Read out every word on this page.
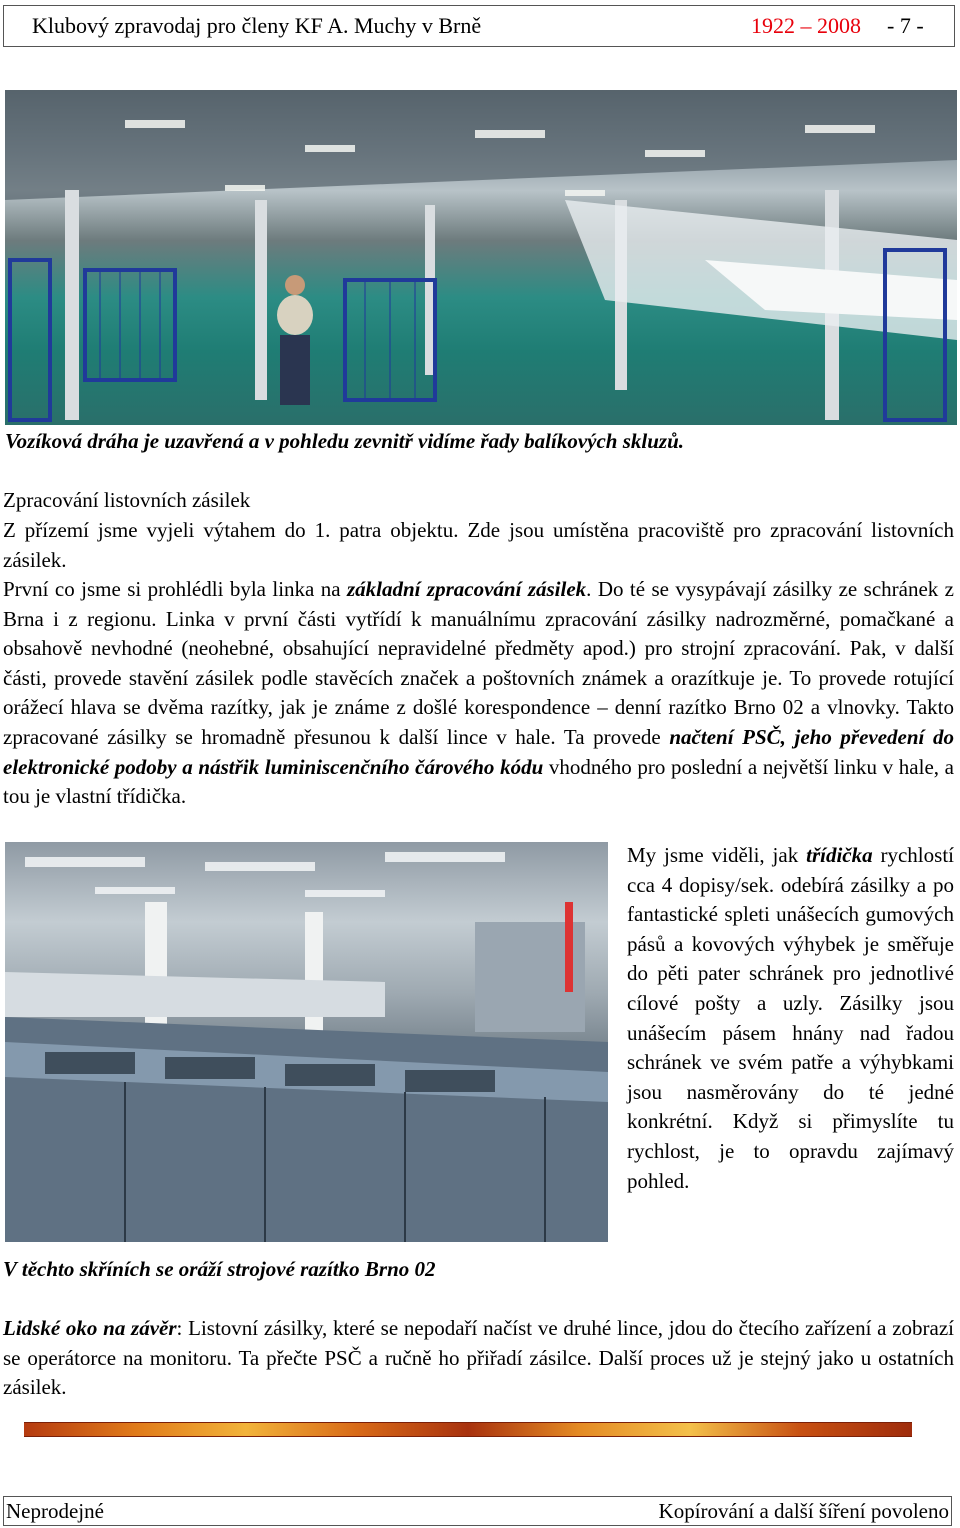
Klubový zpravodaj pro členy KF A. Muchy v Brně	1922 – 2008 - 7 -
Vozíková dráha je uzavřená a v pohledu zevnitř vidíme řady balíkových skluzů.
Zpracování listovních zásilek
Z přízemí jsme vyjeli výtahem do 1. patra objektu. Zde jsou umístěna pracoviště pro zpracování listovních zásilek.
První co jsme si prohlédli byla linka na základní zpracování zásilek. Do té se vysypávají zásilky ze schránek z Brna i z regionu. Linka v první části vytřídí k manuálnímu zpracování zásilky nadrozměrné, pomačkané a obsahově nevhodné (neohebné, obsahující nepravidelné předměty apod.) pro strojní zpracování. Pak, v další části, provede stavění zásilek podle stavěcích značek a poštovních známek a orazítkuje je. To provede rotující orážecí hlava se dvěma razítky, jak je známe z došlé korespondence – denní razítko Brno 02 a vlnovky. Takto zpracované zásilky se hromadně přesunou k další lince v hale. Ta provede načtení PSČ, jeho převedení do elektronické podoby a nástřik luminiscenčního čárového kódu vhodného pro poslední a největší linku v hale, a tou je vlastní třídička.
My jsme viděli, jak třídička rychlostí cca 4 dopisy/sek. odebírá zásilky a po fantastické spleti unášecích gumových pásů a kovových výhybek je směřuje do pěti pater schránek pro jednotlivé cílové pošty a uzly. Zásilky jsou unášecím pásem hnány nad řadou schránek ve svém patře a výhybkami jsou nasměrovány do té jedné konkrétní. Když si přimyslíte tu rychlost, je to opravdu zajímavý pohled.
V těchto skříních se oráží strojové razítko Brno 02
Lidské oko na závěr: Listovní zásilky, které se nepodaří načíst ve druhé lince, jdou do čtecího zařízení a zobrazí se operátorce na monitoru. Ta přečte PSČ a ručně ho přiřadí zásilce. Další proces už je stejný jako u ostatních zásilek.
Neprodejné	Kopírování a další šíření povoleno
